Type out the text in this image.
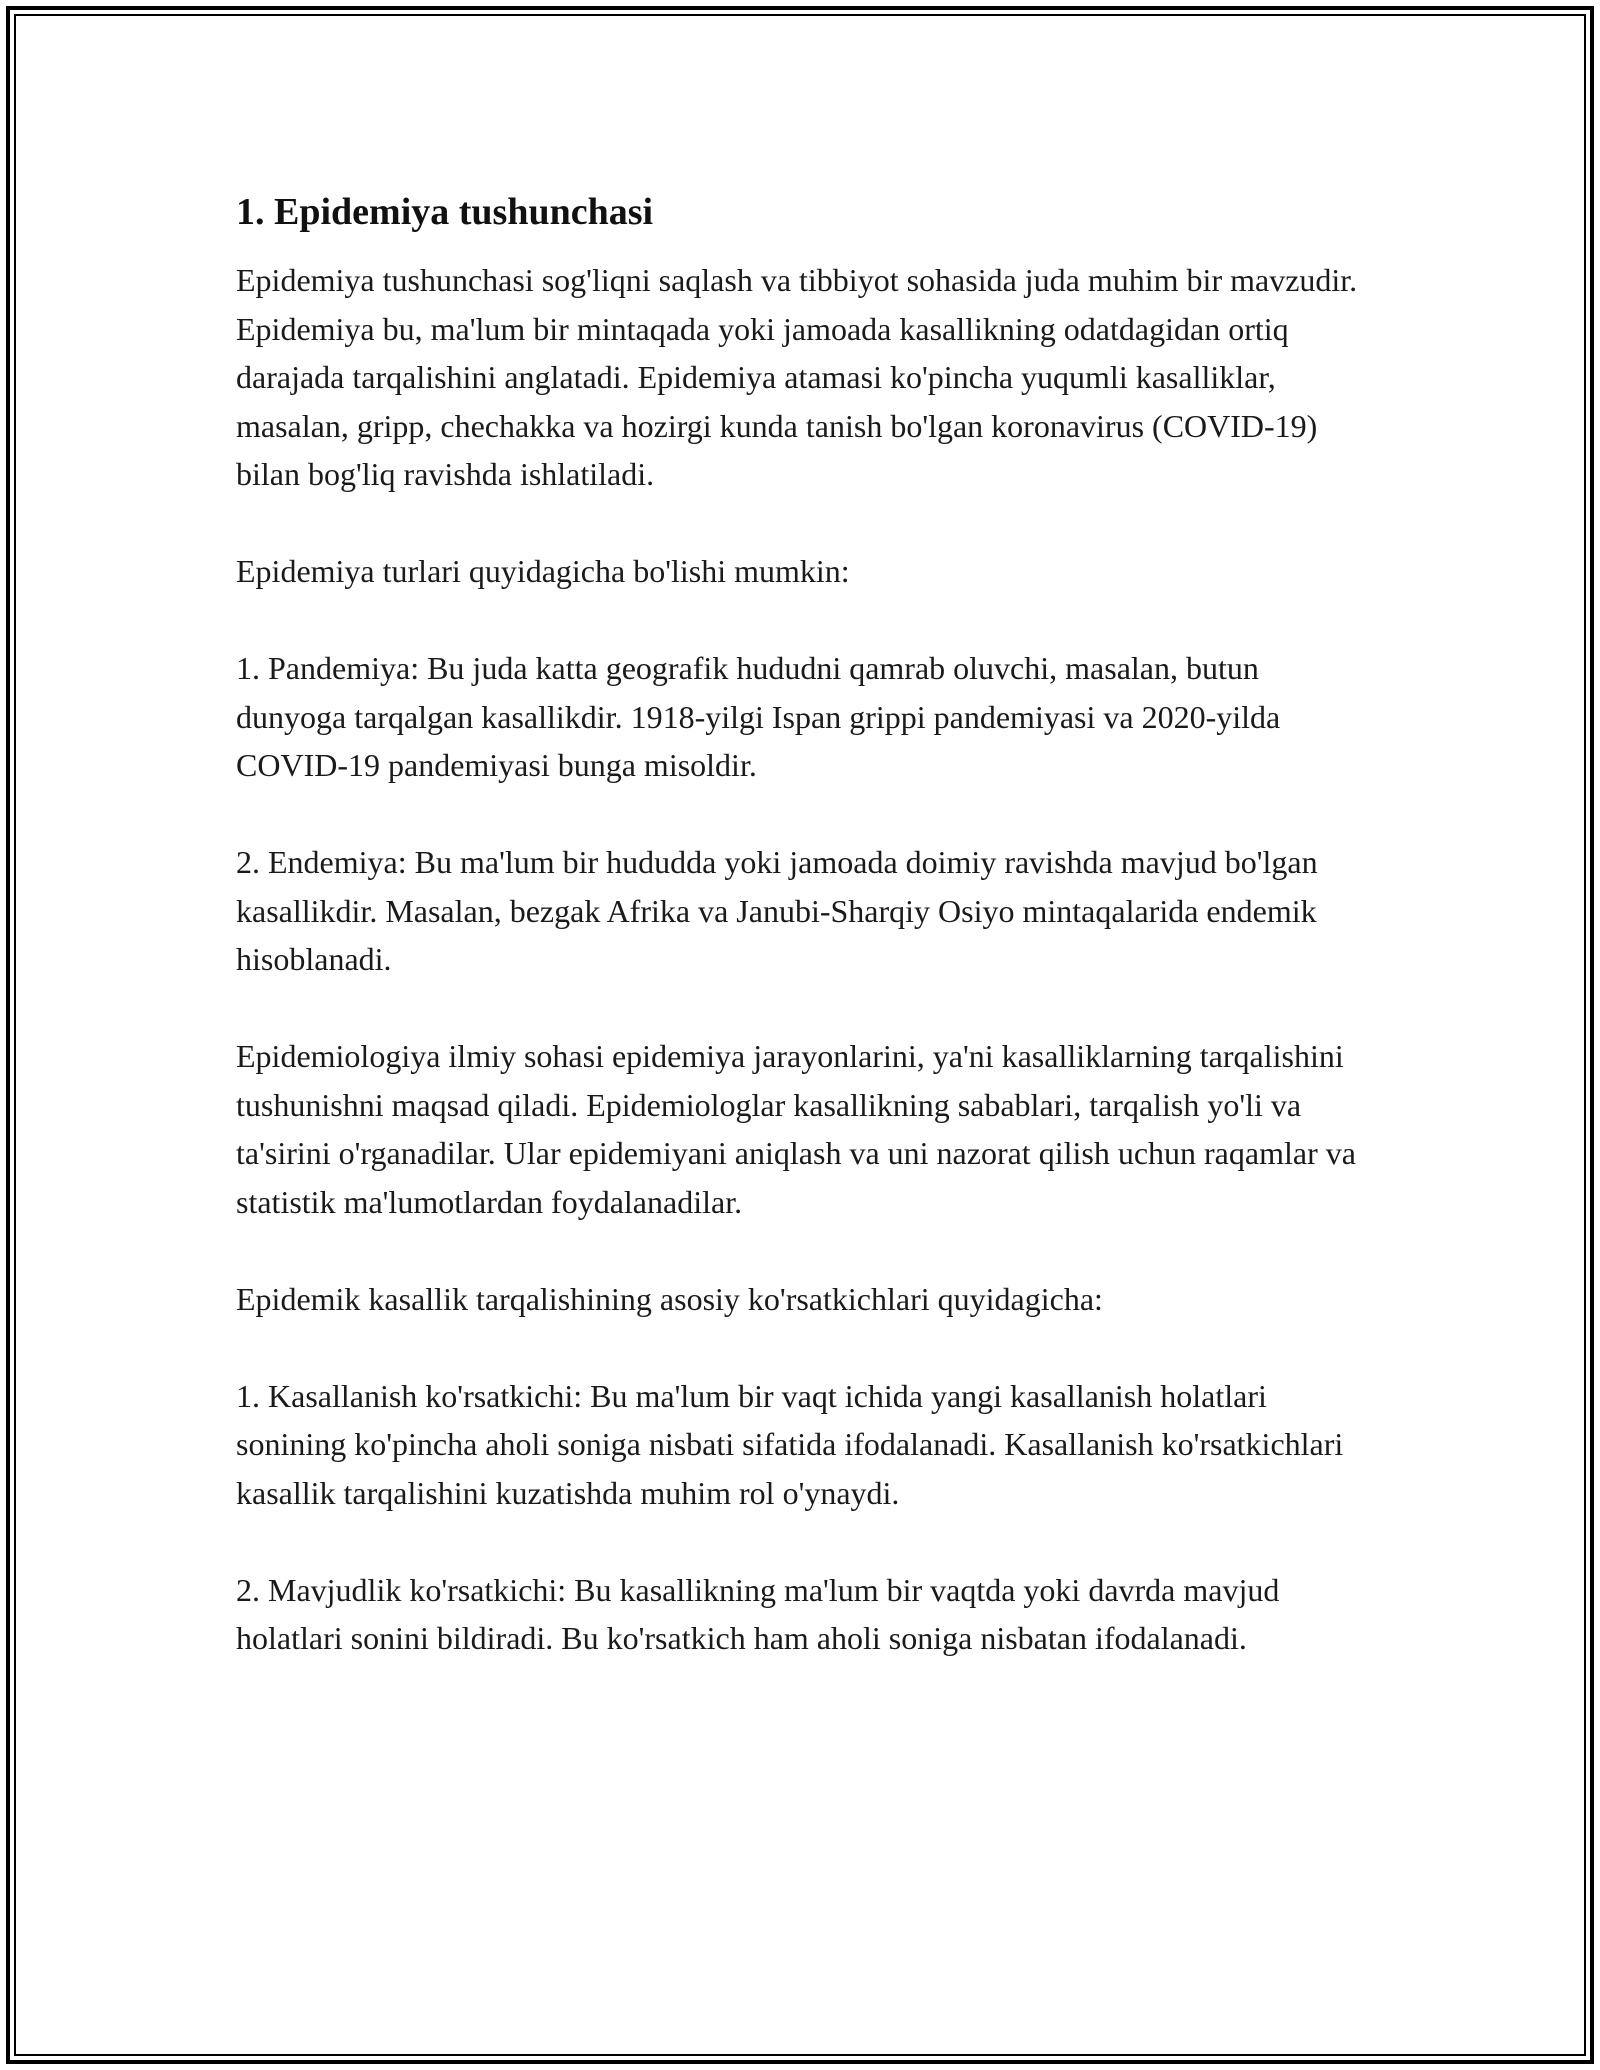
1. Epidemiya tushunchasi

Epidemiya tushunchasi sog'liqni saqlash va tibbiyot sohasida juda muhim bir mavzudir. Epidemiya bu, ma'lum bir mintaqada yoki jamoada kasallikning odatdagidan ortiq darajada tarqalishini anglatadi. Epidemiya atamasi ko'pincha yuqumli kasalliklar, masalan, gripp, chechakka va hozirgi kunda tanish bo'lgan koronavirus (COVID-19) bilan bog'liq ravishda ishlatiladi.

Epidemiya turlari quyidagicha bo'lishi mumkin:

1. Pandemiya: Bu juda katta geografik hududni qamrab oluvchi, masalan, butun dunyoga tarqalgan kasallikdir. 1918-yilgi Ispan grippi pandemiyasi va 2020-yilda COVID-19 pandemiyasi bunga misoldir.

2. Endemiya: Bu ma'lum bir hududda yoki jamoada doimiy ravishda mavjud bo'lgan kasallikdir. Masalan, bezgak Afrika va Janubi-Sharqiy Osiyo mintaqalarida endemik hisoblanadi.

Epidemiologiya ilmiy sohasi epidemiya jarayonlarini, ya'ni kasalliklarning tarqalishini tushunishni maqsad qiladi. Epidemiologlar kasallikning sabablari, tarqalish yo'li va ta'sirini o'rganadilar. Ular epidemiyani aniqlash va uni nazorat qilish uchun raqamlar va statistik ma'lumotlardan foydalanadilar.

Epidemik kasallik tarqalishining asosiy ko'rsatkichlari quyidagicha:

1. Kasallanish ko'rsatkichi: Bu ma'lum bir vaqt ichida yangi kasallanish holatlari sonining ko'pincha aholi soniga nisbati sifatida ifodalanadi. Kasallanish ko'rsatkichlari kasallik tarqalishini kuzatishda muhim rol o'ynaydi.

2. Mavjudlik ko'rsatkichi: Bu kasallikning ma'lum bir vaqtda yoki davrda mavjud holatlari sonini bildiradi. Bu ko'rsatkich ham aholi soniga nisbatan ifodalanadi.
